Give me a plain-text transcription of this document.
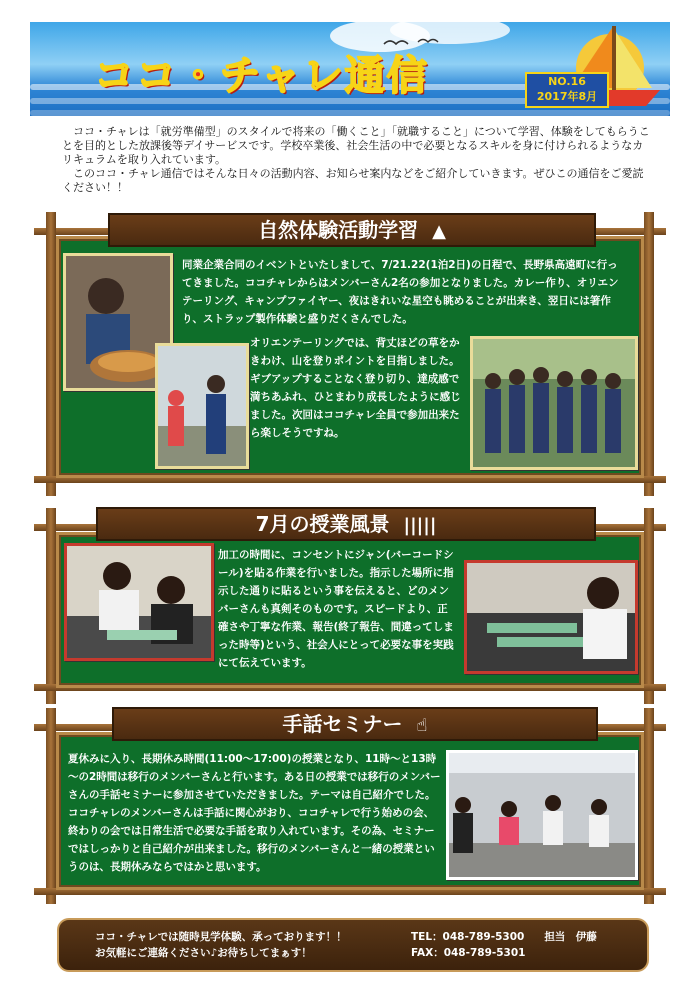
ココ・チャレ通信	NO.16
2017年8月

ココ・チャレは「就労準備型」のスタイルで将来の「働くこと」「就職すること」について学習、体験をしてもらうことを目的とした放課後等デイサービスです。学校卒業後、社会生活の中で必要となるスキルを身に付けられるようなカリキュラムを取り入れています。

このココ・チャレ通信ではそんな日々の活動内容、お知らせ案内などをご紹介していきます。ぜひこの通信をご愛読ください！！

自然体験活動学習 ▲
同業企業合同のイベントといたしまして、7/21.22(1泊2日)の日程で、長野県高遠町に行ってきました。ココチャレからはメンバーさん2名の参加となりました。カレー作り、オリエンテーリング、キャンプファイヤー、夜はきれいな星空も眺めることが出来き、翌日には箸作り、ストラップ製作体験と盛りだくさんでした。
オリエンテーリングでは、背丈ほどの草をかきわけ、山を登りポイントを目指しました。ギブアップすることなく登り切り、達成感で満ちあふれ、ひとまわり成長したように感じました。次回はココチャレ全員で参加出来たら楽しそうですね。
7月の授業風景 |||||
加工の時間に、コンセントにジャン(バーコードシール)を貼る作業を行いました。指示した場所に指示した通りに貼るという事を伝えると、どのメンバーさんも真剣そのものです。スピードより、正確さや丁寧な作業、報告(終了報告、間違ってしまった時等)という、社会人にとって必要な事を実践にて伝えています。
手話セミナー ☝
夏休みに入り、長期休み時間(11:00～17:00)の授業となり、11時～と13時～の2時間は移行のメンバーさんと行います。ある日の授業では移行のメンバーさんの手話セミナーに参加させていただきました。テーマは自己紹介でした。ココチャレのメンバーさんは手話に関心がおり、ココチャレで行う始めの会、終わりの会では日常生活で必要な手話を取り入れています。その為、セミナーではしっかりと自己紹介が出来ました。移行のメンバーさんと一緒の授業というのは、長期休みならではかと思います。
ココ・チャレでは随時見学体験、承っております！！
お気軽にご連絡ください♪お待ちしてまぁす！
TEL：048-789-5300 担当　伊藤
FAX：048-789-5301
